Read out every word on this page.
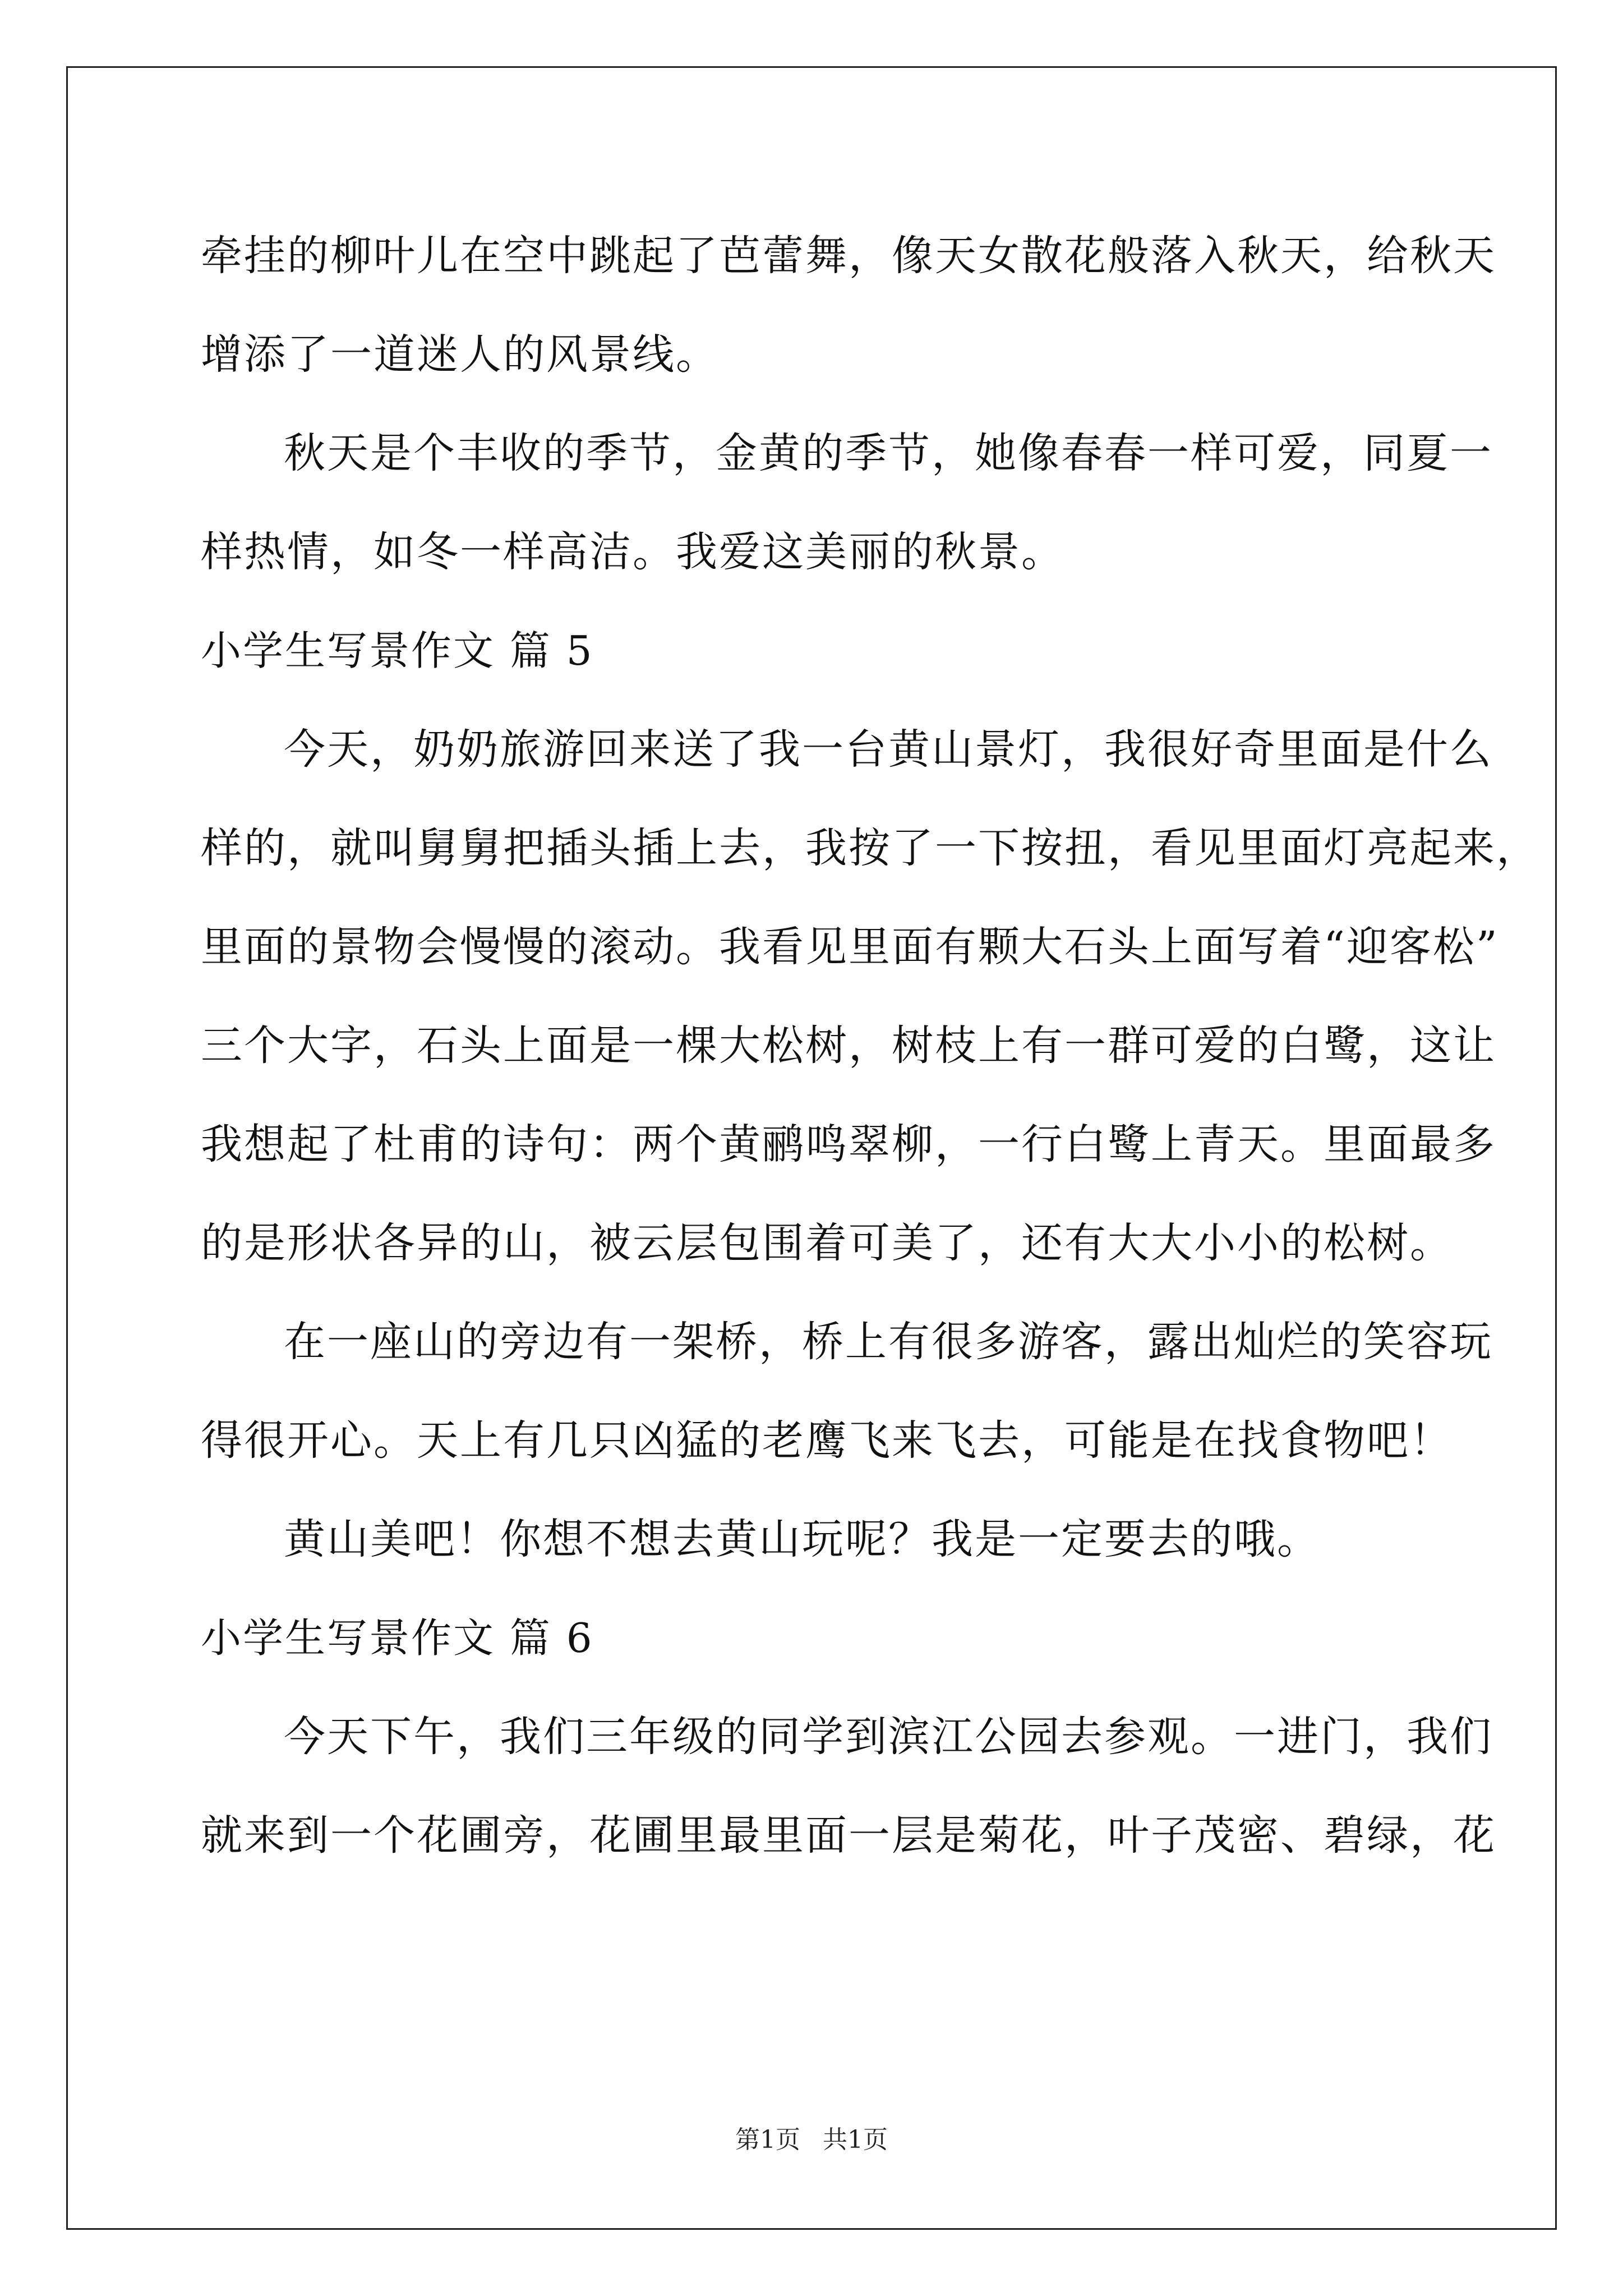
牵挂的柳叶儿在空中跳起了芭蕾舞，像天女散花般落入秋天，给秋天

增添了一道迷人的风景线。

秋天是个丰收的季节，金黄的季节，她像春春一样可爱，同夏一

样热情，如冬一样高洁。我爱这美丽的秋景。

小学生写景作文 篇 5

今天，奶奶旅游回来送了我一台黄山景灯，我很好奇里面是什么

样的，就叫舅舅把插头插上去，我按了一下按扭，看见里面灯亮起来，

里面的景物会慢慢的滚动。我看见里面有颗大石头上面写着“迎客松”

三个大字，石头上面是一棵大松树，树枝上有一群可爱的白鹭，这让

我想起了杜甫的诗句：两个黄鹂鸣翠柳，一行白鹭上青天。里面最多

的是形状各异的山，被云层包围着可美了，还有大大小小的松树。

在一座山的旁边有一架桥，桥上有很多游客，露出灿烂的笑容玩

得很开心。天上有几只凶猛的老鹰飞来飞去，可能是在找食物吧！

黄山美吧！你想不想去黄山玩呢？我是一定要去的哦。

小学生写景作文 篇 6

今天下午，我们三年级的同学到滨江公园去参观。一进门，我们

就来到一个花圃旁，花圃里最里面一层是菊花，叶子茂密、碧绿，花

第1页 共1页
